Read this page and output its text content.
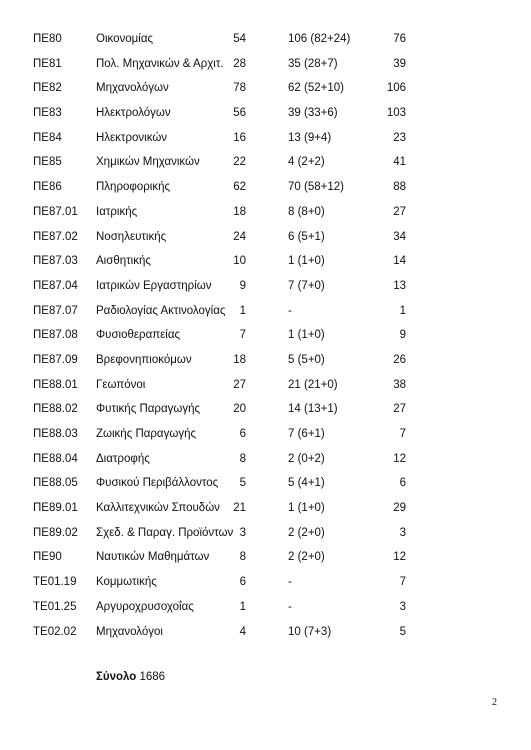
ΠΕ80	Οικονομίας	54	106 (82+24)	76
ΠΕ81	Πολ. Μηχανικών & Αρχιτ. 28	35 (28+7)	39
ΠΕ82	Μηχανολόγων	78	62 (52+10)	106
ΠΕ83	Ηλεκτρολόγων	56	39 (33+6)	103
ΠΕ84	Ηλεκτρονικών	16	13 (9+4)	23
ΠΕ85	Χημικών Μηχανικών	22	4 (2+2)	41
ΠΕ86	Πληροφορικής	62	70 (58+12)	88
ΠΕ87.01 Ιατρικής	18	8 (8+0)	27
ΠΕ87.02 Νοσηλευτικής	24	6 (5+1)	34
ΠΕ87.03 Αισθητικής	10	1 (1+0)	14
ΠΕ87.04 Ιατρικών Εργαστηρίων 9	7 (7+0)	13
ΠΕ87.07 Ραδιολογίας Ακτινολογίας 1	-	1
ΠΕ87.08 Φυσιοθεραπείας	7	1 (1+0)	9
ΠΕ87.09 Βρεφονηπιοκόμων	18	5 (5+0)	26
ΠΕ88.01 Γεωπόνοι	27	21 (21+0)	38
ΠΕ88.02 Φυτικής Παραγωγής	20	14 (13+1)	27
ΠΕ88.03 Ζωικής Παραγωγής	6	7 (6+1)	7
ΠΕ88.04 Διατροφής	8	2 (0+2)	12
ΠΕ88.05 Φυσικού Περιβάλλοντος 5	5 (4+1)	6
ΠΕ89.01 Καλλιτεχνικών Σπουδών 21	1 (1+0)	29
ΠΕ89.02 Σχεδ. & Παραγ. Προϊόντων 3	2 (2+0)	3
ΠΕ90	Ναυτικών Μαθημάτων	8	2 (2+0)	12
ΤΕ01.19 Κομμωτικής	6	-	7
ΤΕ01.25 Αργυροχρυσοχοΐας	1	-	3
ΤΕ02.02 Μηχανολόγοι	4	10 (7+3)	5
Σύνολο 1686
2
